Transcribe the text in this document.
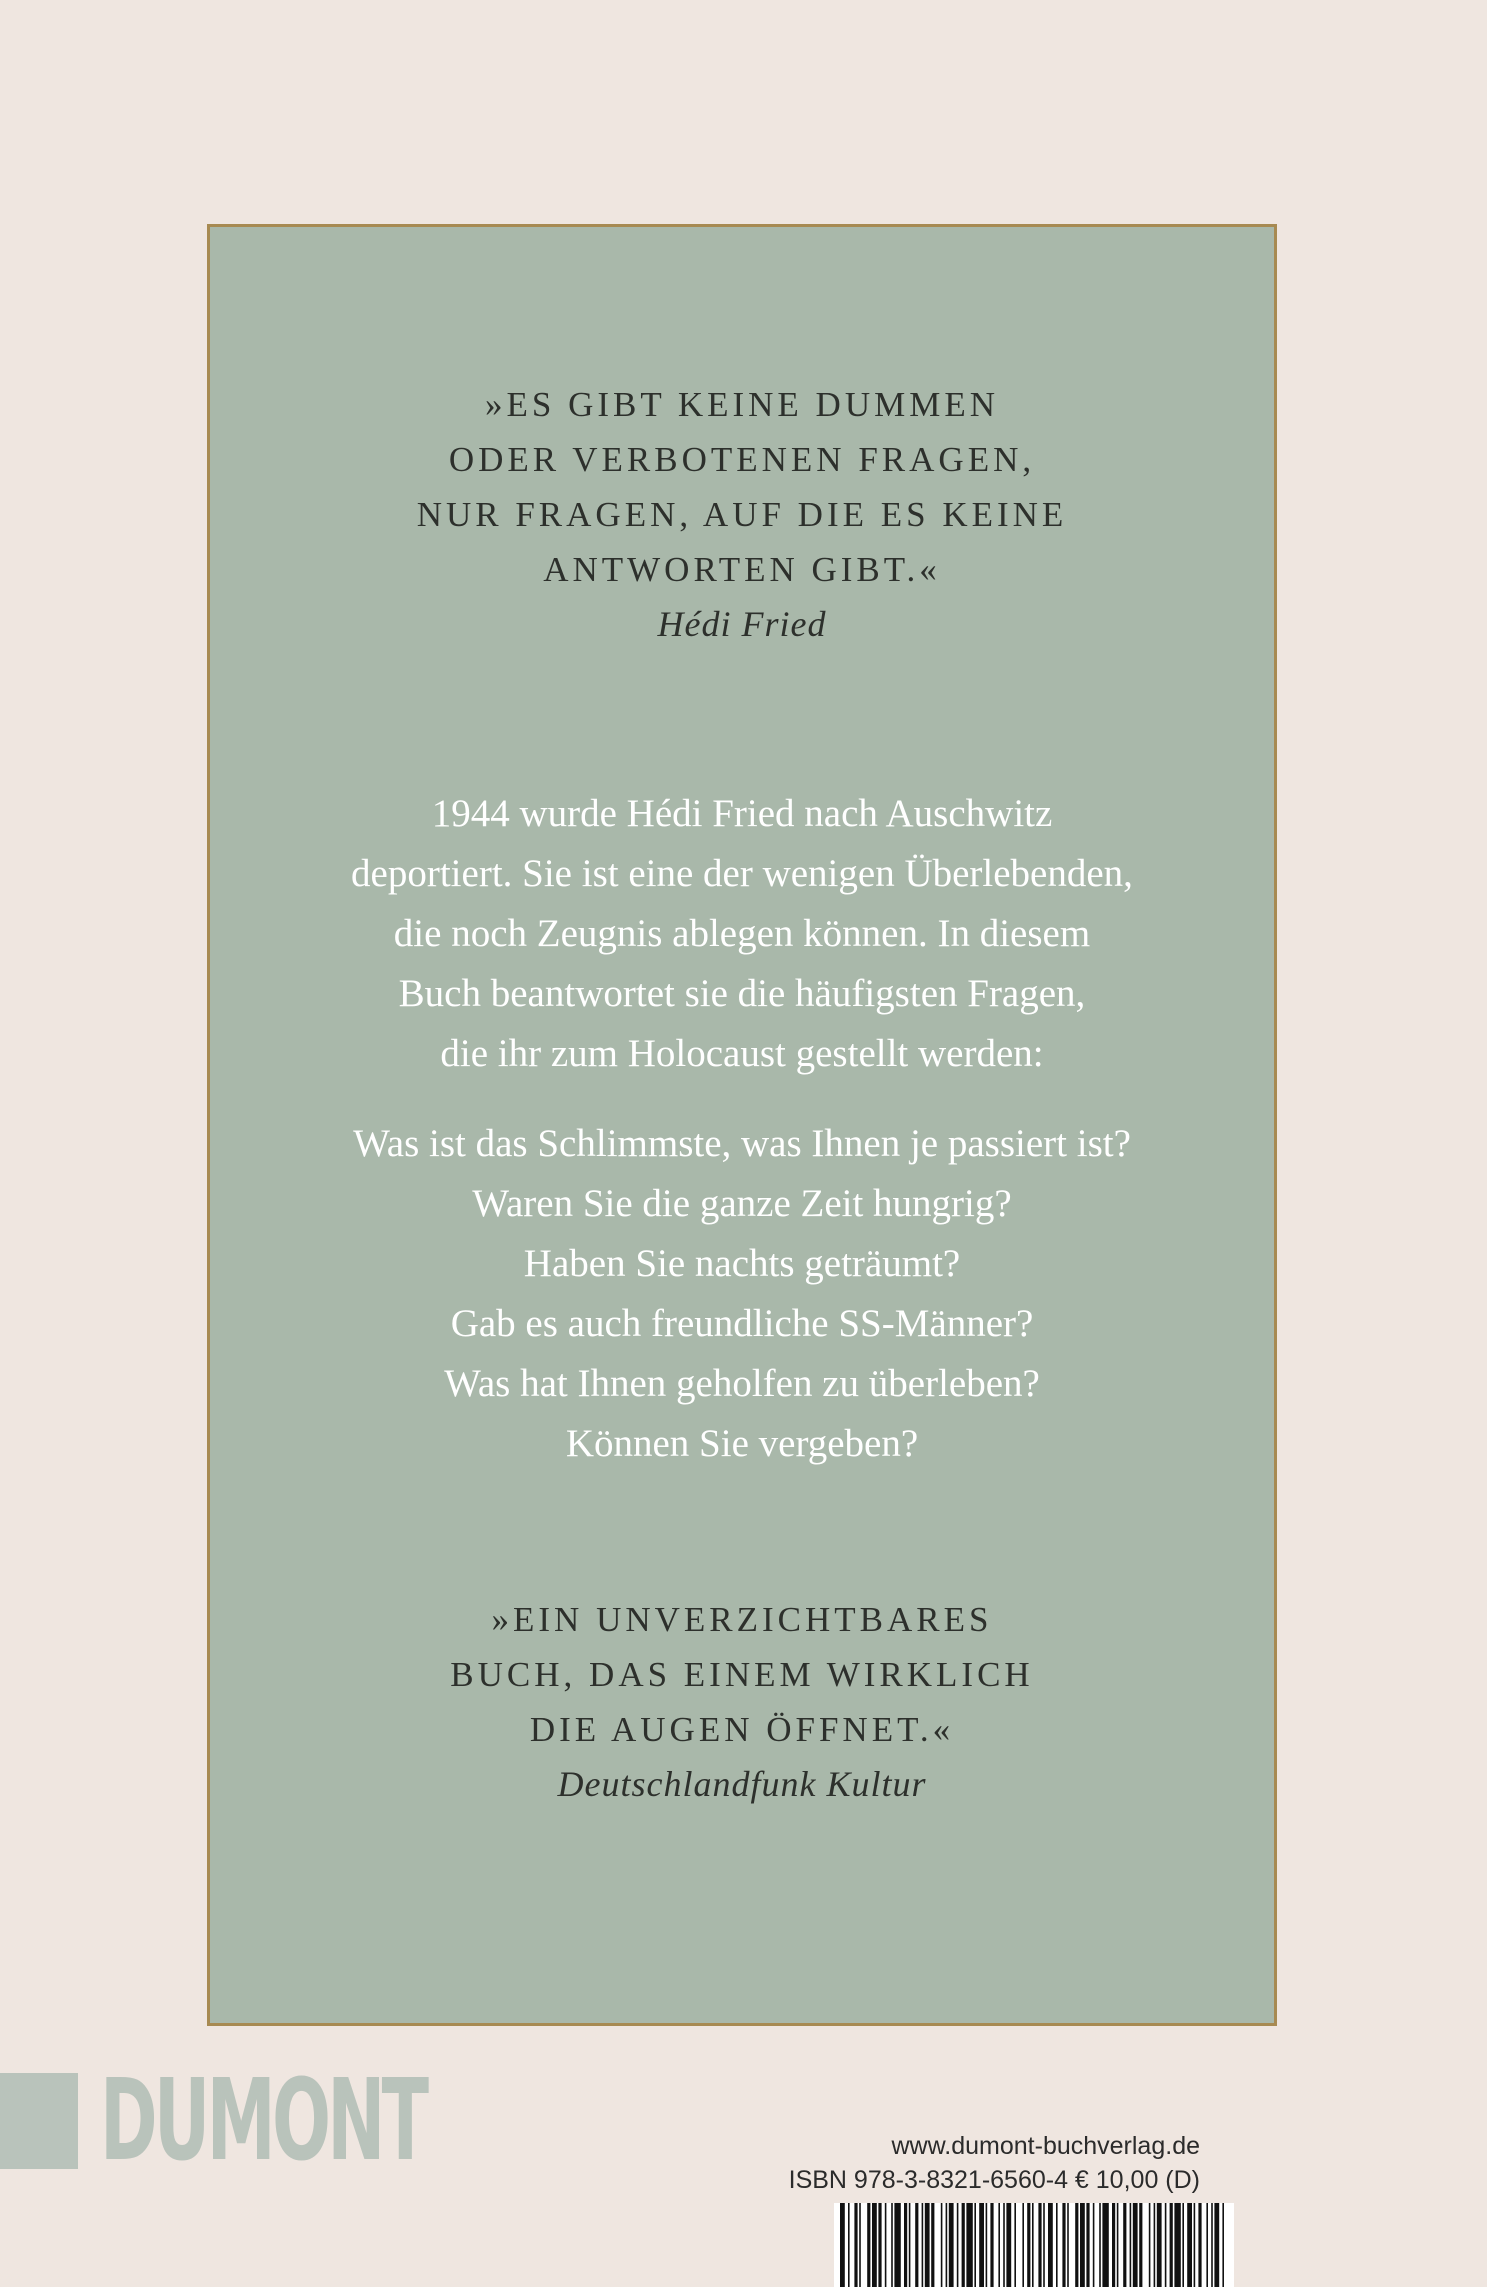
»ES GIBT KEINE DUMMEN
ODER VERBOTENEN FRAGEN,
NUR FRAGEN, AUF DIE ES KEINE
ANTWORTEN GIBT.«
Hédi Fried
1944 wurde Hédi Fried nach Auschwitz
deportiert. Sie ist eine der wenigen Überlebenden,
die noch Zeugnis ablegen können. In diesem
Buch beantwortet sie die häufigsten Fragen,
die ihr zum Holocaust gestellt werden:
Was ist das Schlimmste, was Ihnen je passiert ist?
Waren Sie die ganze Zeit hungrig?
Haben Sie nachts geträumt?
Gab es auch freundliche SS-Männer?
Was hat Ihnen geholfen zu überleben?
Können Sie vergeben?
»EIN UNVERZICHTBARES
BUCH, DAS EINEM WIRKLICH
DIE AUGEN ÖFFNET.«
Deutschlandfunk Kultur
DUMONT	www.dumont-buchverlag.de
ISBN 978-3-8321-6560-4 € 10,00 (D)
